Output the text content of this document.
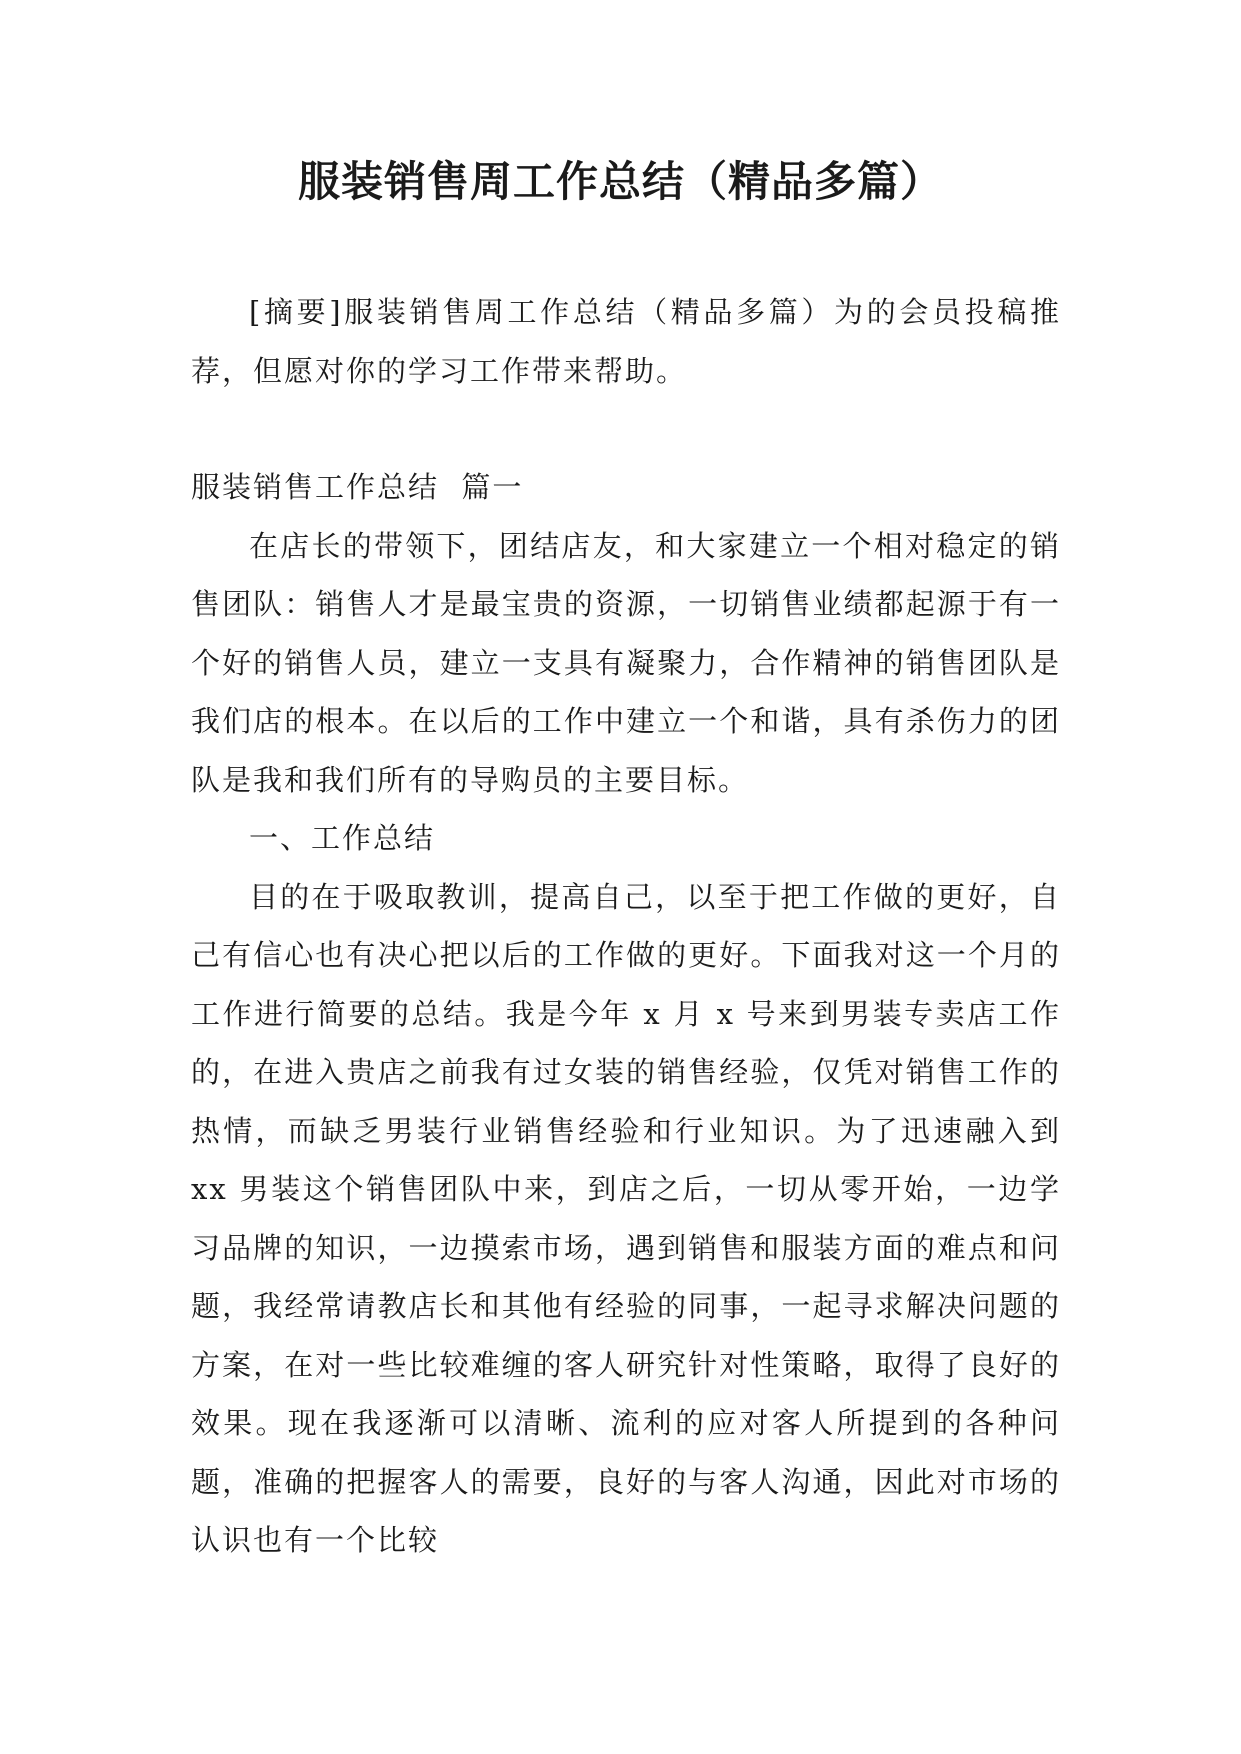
服装销售周工作总结（精品多篇）

[摘要]服装销售周工作总结（精品多篇）为的会员投稿推荐，但愿对你的学习工作带来帮助。

服装销售工作总结  篇一

在店长的带领下，团结店友，和大家建立一个相对稳定的销售团队：销售人才是最宝贵的资源，一切销售业绩都起源于有一个好的销售人员，建立一支具有凝聚力，合作精神的销售团队是我们店的根本。在以后的工作中建立一个和谐，具有杀伤力的团队是我和我们所有的导购员的主要目标。

一、工作总结

目的在于吸取教训，提高自己，以至于把工作做的更好，自己有信心也有决心把以后的工作做的更好。下面我对这一个月的工作进行简要的总结。我是今年 x 月 x 号来到男装专卖店工作的，在进入贵店之前我有过女装的销售经验，仅凭对销售工作的热情，而缺乏男装行业销售经验和行业知识。为了迅速融入到 xx 男装这个销售团队中来，到店之后，一切从零开始，一边学习品牌的知识，一边摸索市场，遇到销售和服装方面的难点和问题，我经常请教店长和其他有经验的同事，一起寻求解决问题的方案，在对一些比较难缠的客人研究针对性策略，取得了良好的效果。现在我逐渐可以清晰、流利的应对客人所提到的各种问题，准确的把握客人的需要，良好的与客人沟通，因此对市场的认识也有一个比较
